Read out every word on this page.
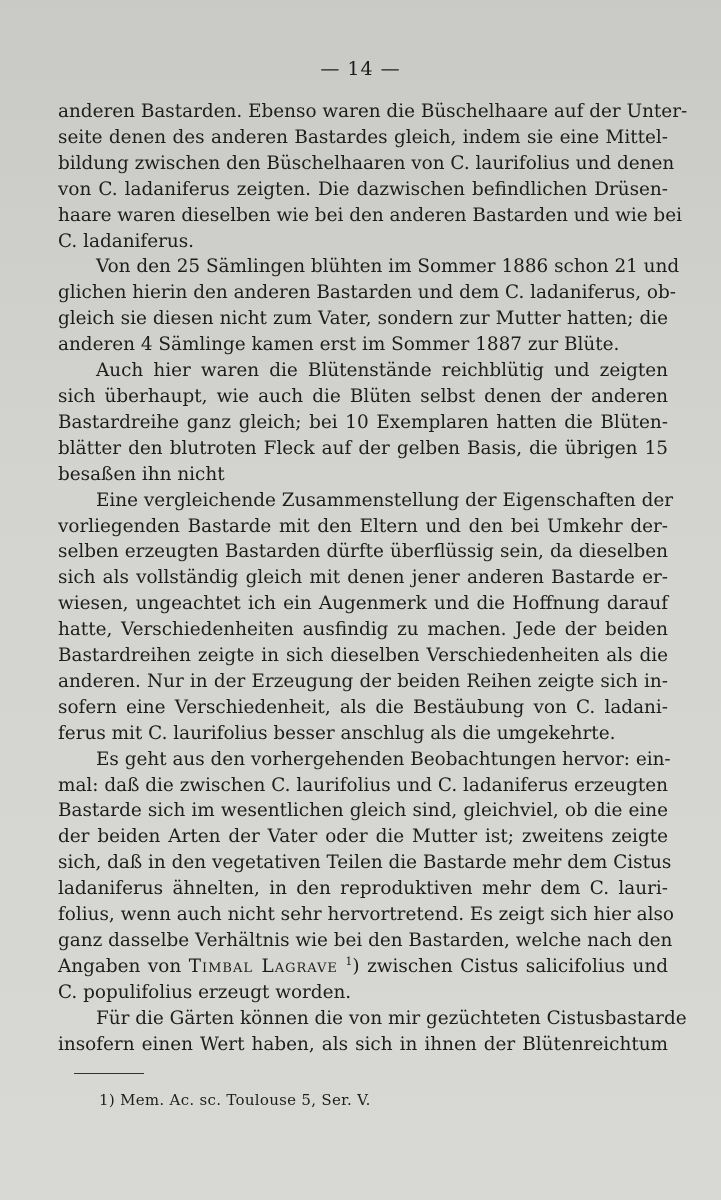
— 14 —
anderen Bastarden. Ebenso waren die Büschelhaare auf der Unter-
seite denen des anderen Bastardes gleich, indem sie eine Mittel-
bildung zwischen den Büschelhaaren von C. laurifolius und denen
von C. ladaniferus zeigten. Die dazwischen befindlichen Drüsen-
haare waren dieselben wie bei den anderen Bastarden und wie bei
C. ladaniferus.
Von den 25 Sämlingen blühten im Sommer 1886 schon 21 und
glichen hierin den anderen Bastarden und dem C. ladaniferus, ob-
gleich sie diesen nicht zum Vater, sondern zur Mutter hatten; die
anderen 4 Sämlinge kamen erst im Sommer 1887 zur Blüte.
Auch hier waren die Blütenstände reichblütig und zeigten
sich überhaupt, wie auch die Blüten selbst denen der anderen
Bastardreihe ganz gleich; bei 10 Exemplaren hatten die Blüten-
blätter den blutroten Fleck auf der gelben Basis, die übrigen 15
besaßen ihn nicht
Eine vergleichende Zusammenstellung der Eigenschaften der
vorliegenden Bastarde mit den Eltern und den bei Umkehr der-
selben erzeugten Bastarden dürfte überflüssig sein, da dieselben
sich als vollständig gleich mit denen jener anderen Bastarde er-
wiesen, ungeachtet ich ein Augenmerk und die Hoffnung darauf
hatte, Verschiedenheiten ausfindig zu machen. Jede der beiden
Bastardreihen zeigte in sich dieselben Verschiedenheiten als die
anderen. Nur in der Erzeugung der beiden Reihen zeigte sich in-
sofern eine Verschiedenheit, als die Bestäubung von C. ladani-
ferus mit C. laurifolius besser anschlug als die umgekehrte.
Es geht aus den vorhergehenden Beobachtungen hervor: ein-
mal: daß die zwischen C. laurifolius und C. ladaniferus erzeugten
Bastarde sich im wesentlichen gleich sind, gleichviel, ob die eine
der beiden Arten der Vater oder die Mutter ist; zweitens zeigte
sich, daß in den vegetativen Teilen die Bastarde mehr dem Cistus
ladaniferus ähnelten, in den reproduktiven mehr dem C. lauri-
folius, wenn auch nicht sehr hervortretend. Es zeigt sich hier also
ganz dasselbe Verhältnis wie bei den Bastarden, welche nach den
Angaben von Timbal Lagrave $^1$) zwischen Cistus salicifolius und
C. populifolius erzeugt worden.
Für die Gärten können die von mir gezüchteten Cistusbastarde
insofern einen Wert haben, als sich in ihnen der Blütenreichtum
1) Mem. Ac. sc. Toulouse 5, Ser. V.
